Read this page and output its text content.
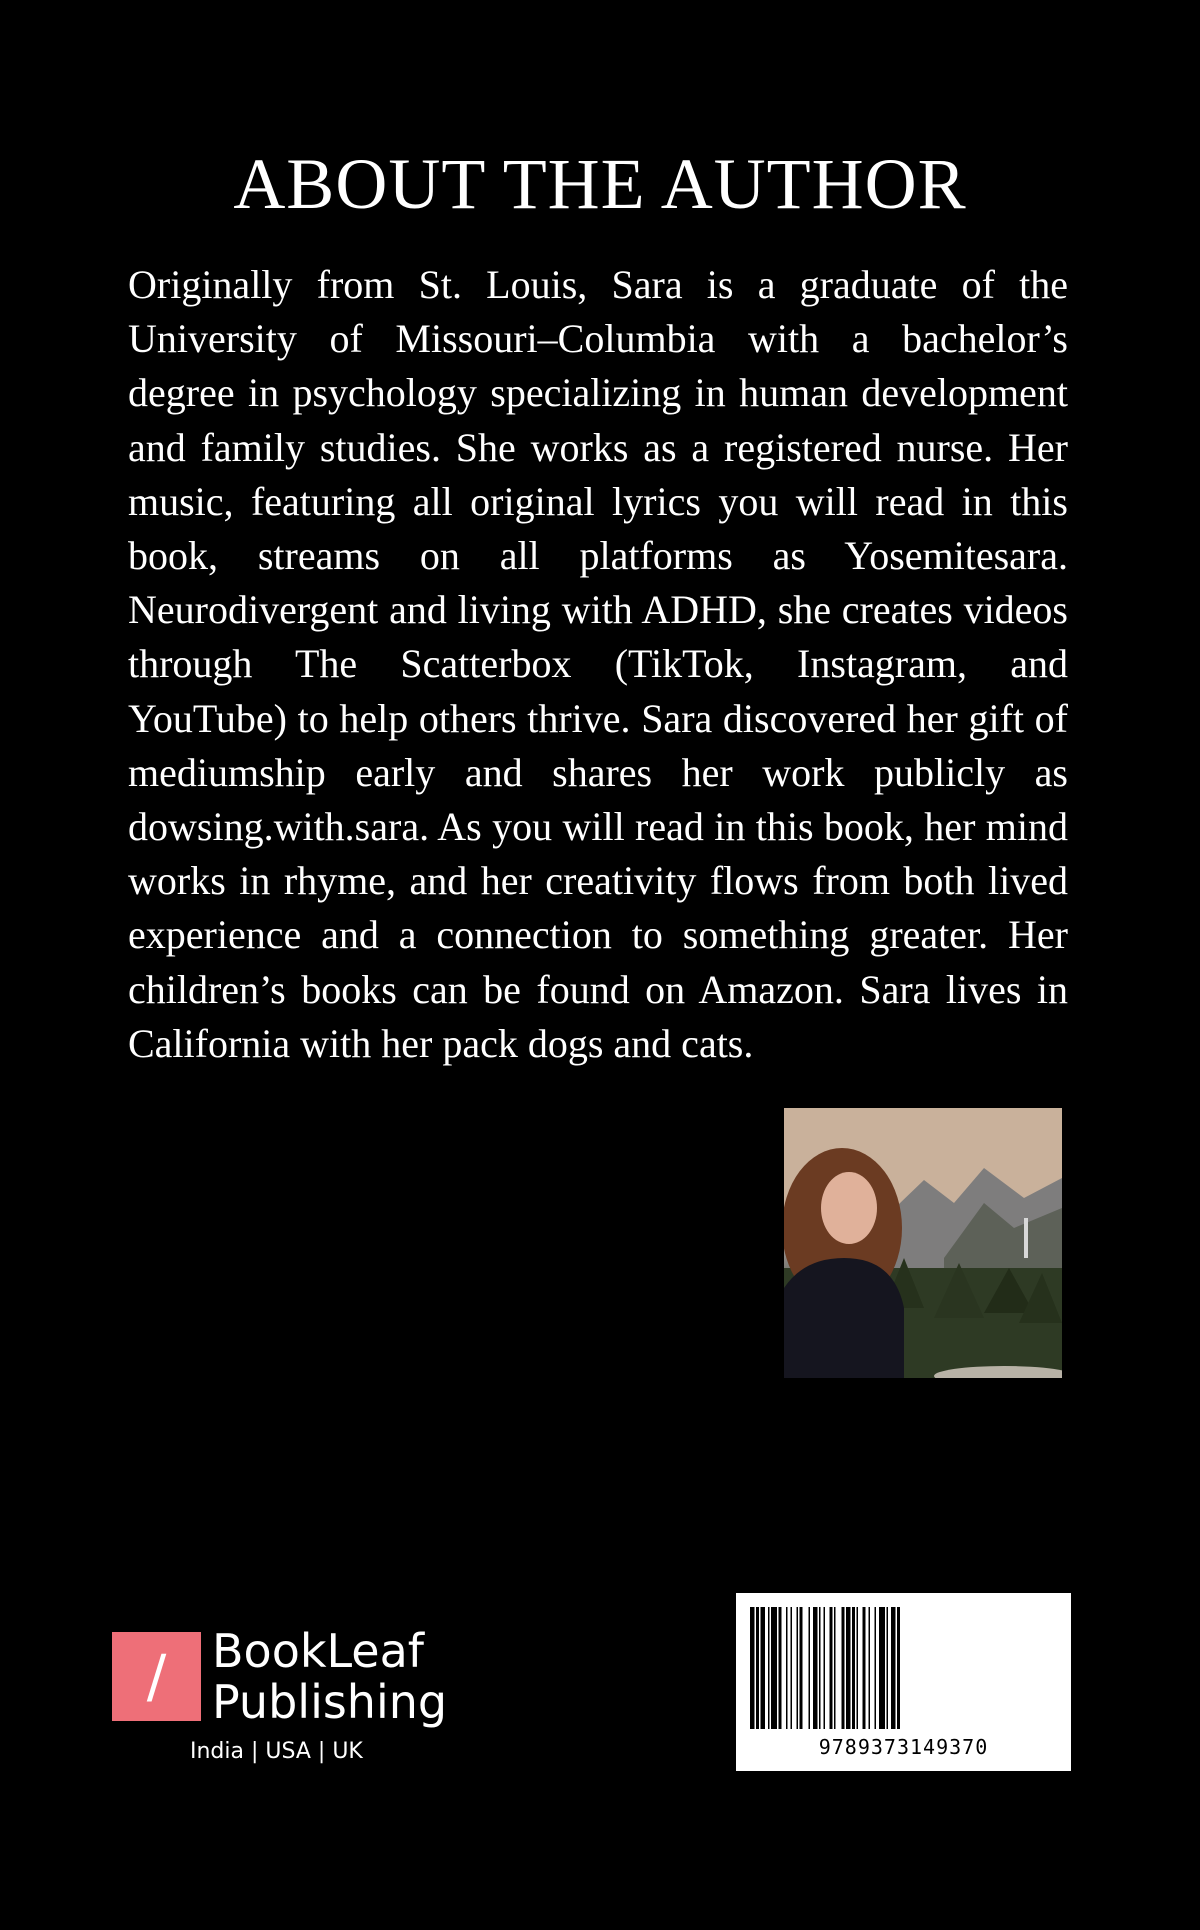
ABOUT THE AUTHOR

Originally from St. Louis, Sara is a graduate of the University of Missouri–Columbia with a bachelor’s degree in psychology specializing in human development and family studies. She works as a registered nurse. Her music, featuring all original lyrics you will read in this book, streams on all platforms as Yosemitesara. Neurodivergent and living with ADHD, she creates videos through The Scatterbox (TikTok, Instagram, and YouTube) to help others thrive. Sara discovered her gift of mediumship early and shares her work publicly as dowsing.with.sara. As you will read in this book, her mind works in rhyme, and her creativity flows from both lived experience and a connection to something greater. Her children’s books can be found on Amazon. Sara lives in California with her pack dogs and cats.

/ BookLeaf
Publishing
India | USA | UK	9789373149370
